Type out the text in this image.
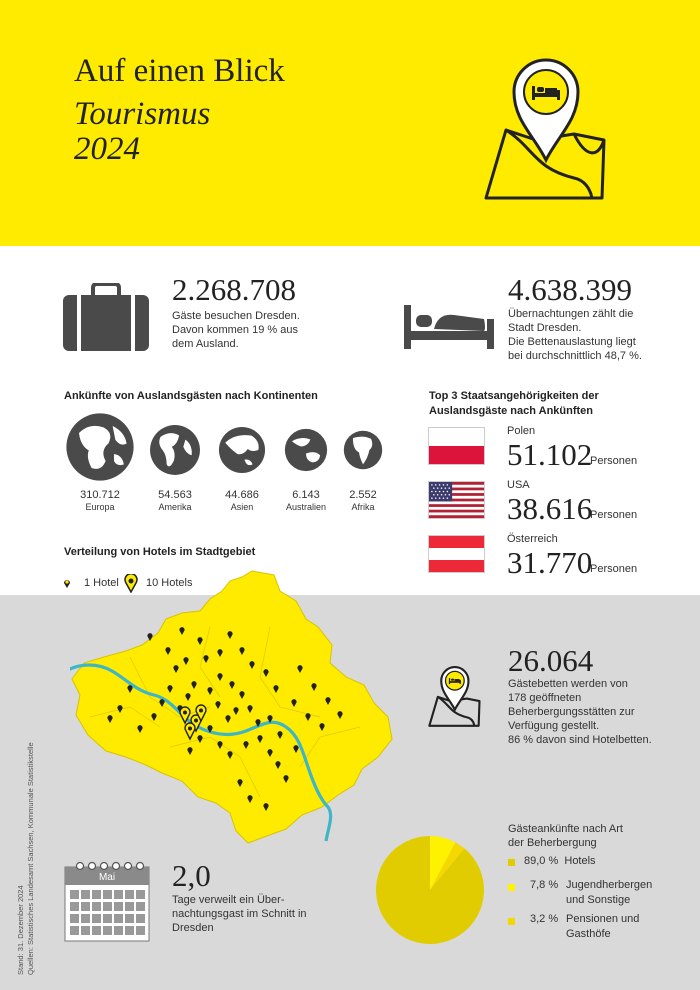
Auf einen Blick
Tourismus
2024
2.268.708
Gäste besuchen Dresden.
Davon kommen 19 % aus
dem Ausland.
4.638.399
Übernachtungen zählt die
Stadt Dresden.
Die Bettenauslastung liegt
bei durchschnittlich 48,7 %.
Ankünfte von Auslandsgästen nach Kontinenten
310.712
Europa
54.563
Amerika
44.686
Asien
6.143
Australien
2.552
Afrika
Top 3 Staatsangehörigkeiten der
Auslandsgäste nach Ankünften
Polen
51.102
Personen
USA
38.616
Personen
Österreich
31.770
Personen
Verteilung von Hotels im Stadtgebiet
1 Hotel 10 Hotels
26.064
Gästebetten werden von
178 geöffneten
Beherbergungsstätten zur
Verfügung gestellt.
86 % davon sind Hotelbetten.
Mai 2,0
Tage verweilt ein Über-
nachtungsgast im Schnitt in
Dresden
Gästeankünfte nach Art
der Beherbergung
89,0 % Hotels
7,8 % Jugendherbergen
und Sonstige
3,2 % Pensionen und
Gasthöfe
Stand: 31. Dezember 2024 Quellen: Statistisches Landesamt Sachsen, Kommunale Statistikstelle
